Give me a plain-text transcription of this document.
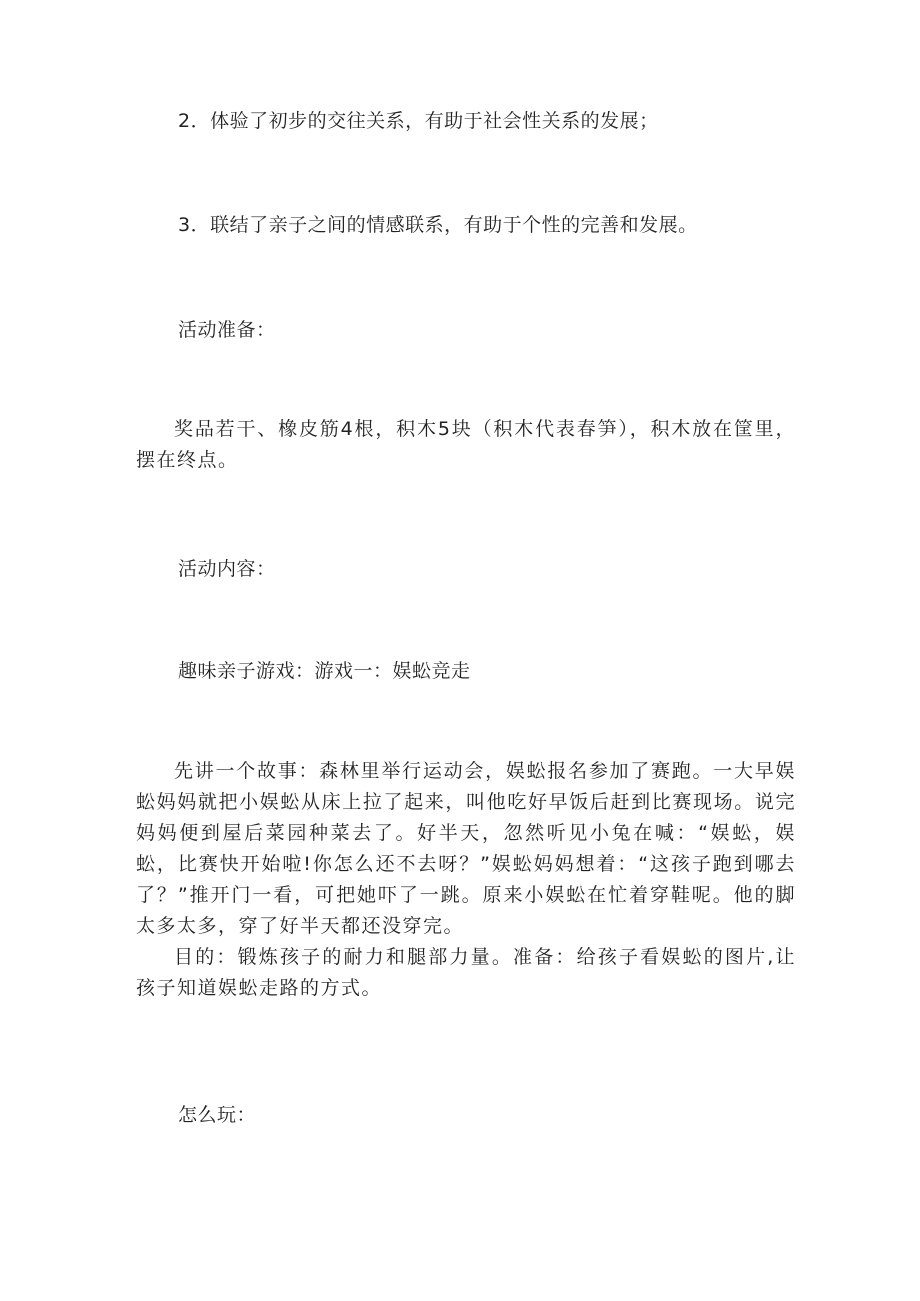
2．体验了初步的交往关系，有助于社会性关系的发展；
3．联结了亲子之间的情感联系，有助于个性的完善和发展。
活动准备：

奖品若干、橡皮筋4根，积木5块（积木代表春笋），积木放在筐里，摆在终点。

活动内容：
趣味亲子游戏：游戏一：娱蚣竞走

先讲一个故事：森林里举行运动会，娱蚣报名参加了赛跑。一大早娱蚣妈妈就把小娱蚣从床上拉了起来，叫他吃好早饭后赶到比赛现场。说完妈妈便到屋后菜园种菜去了。好半天，忽然听见小兔在喊：“娱蚣，娱蚣，比赛快开始啦!你怎么还不去呀？”娱蚣妈妈想着：“这孩子跑到哪去了？”推开门一看，可把她吓了一跳。原来小娱蚣在忙着穿鞋呢。他的脚太多太多，穿了好半天都还没穿完。

目的：锻炼孩子的耐力和腿部力量。准备：给孩子看娱蚣的图片,让孩子知道娱蚣走路的方式。

怎么玩：
